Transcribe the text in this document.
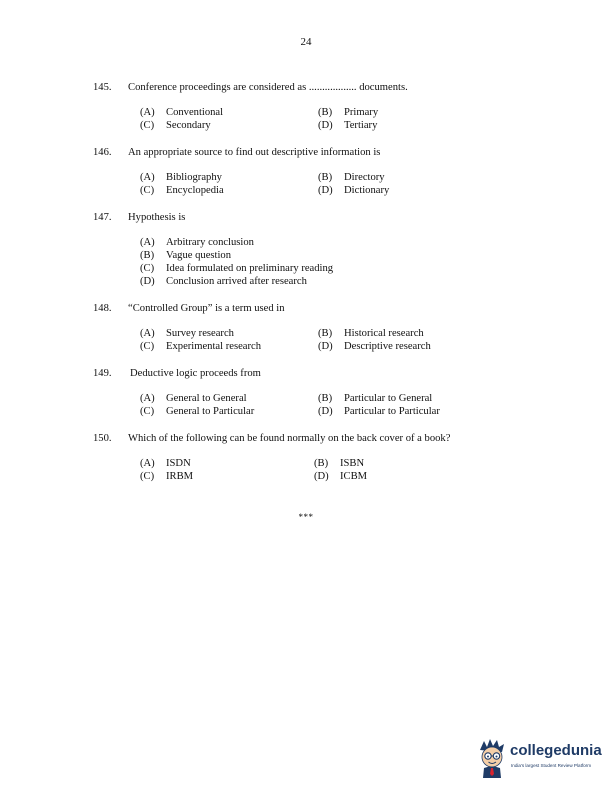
24
145. Conference proceedings are considered as .................. documents.
(A) Conventional	(B) Primary
(C) Secondary	(D) Tertiary
146. An appropriate source to find out descriptive information is
(A) Bibliography	(B) Directory
(C) Encyclopedia	(D) Dictionary
147. Hypothesis is
(A) Arbitrary conclusion
(B) Vague question
(C) Idea formulated on preliminary reading
(D) Conclusion arrived after research
148. “Controlled Group” is a term used in
(A) Survey research	(B) Historical research
(C) Experimental research	(D) Descriptive research
149. Deductive logic proceeds from
(A) General to General	(B) Particular to General
(C) General to Particular	(D) Particular to Particular
150. Which of the following can be found normally on the back cover of a book?
(A) ISDN	(B) ISBN
(C) IRBM	(D) ICBM
***
collegedunia
India's largest Student Review Platform
